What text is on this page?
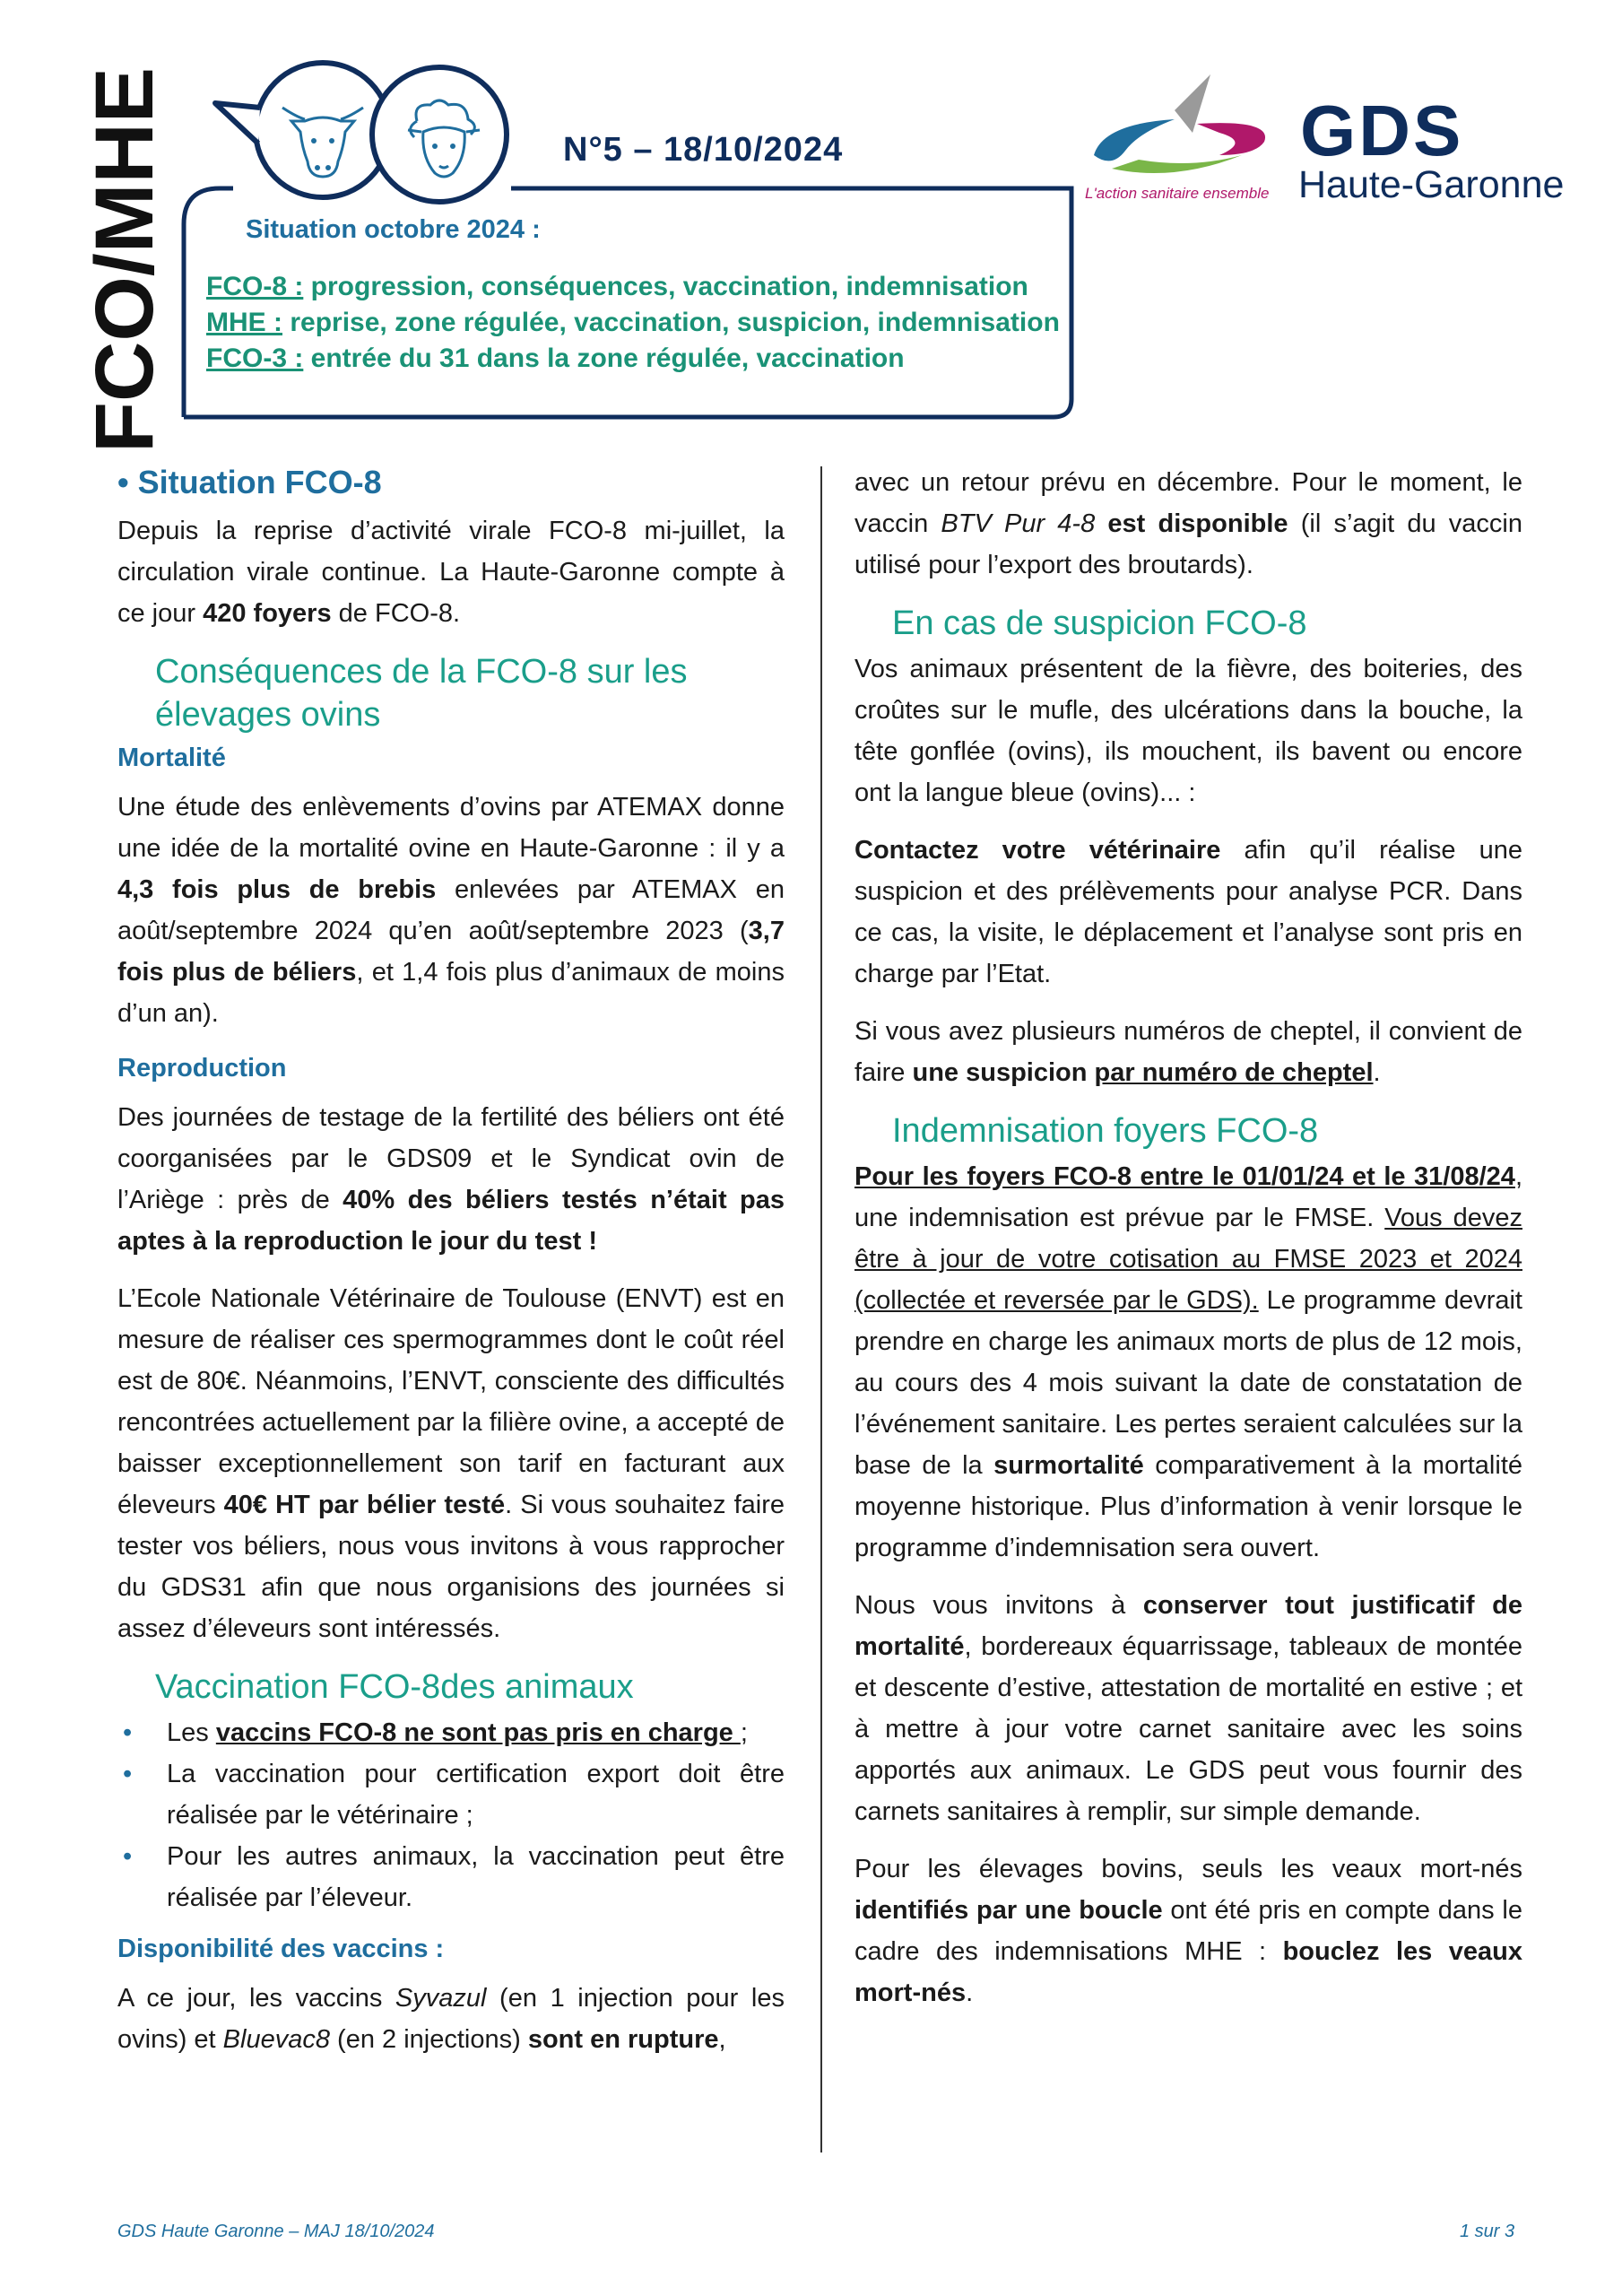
FCO/MHE	N°5 – 18/10/2024	GDS
Haute-Garonne
L'action sanitaire ensemble
Situation octobre 2024 :
FCO-8 : progression, conséquences, vaccination, indemnisation
MHE : reprise, zone régulée, vaccination, suspicion, indemnisation
FCO-3 : entrée du 31 dans la zone régulée, vaccination
• Situation FCO-8

Depuis la reprise d’activité virale FCO-8 mi-juillet, la circulation virale continue. La Haute-Garonne compte à ce jour 420 foyers de FCO-8.

Conséquences de la FCO-8 sur les élevages ovins
Mortalité

Une étude des enlèvements d’ovins par ATEMAX donne une idée de la mortalité ovine en Haute-Garonne : il y a 4,3 fois plus de brebis enlevées par ATEMAX en août/septembre 2024 qu’en août/septembre 2023 (3,7 fois plus de béliers, et 1,4 fois plus d’animaux de moins d’un an).

Reproduction

Des journées de testage de la fertilité des béliers ont été coorganisées par le GDS09 et le Syndicat ovin de l’Ariège : près de 40% des béliers testés n’était pas aptes à la reproduction le jour du test !

L’Ecole Nationale Vétérinaire de Toulouse (ENVT) est en mesure de réaliser ces spermogrammes dont le coût réel est de 80€. Néanmoins, l’ENVT, consciente des difficultés rencontrées actuellement par la filière ovine, a accepté de baisser exceptionnellement son tarif en facturant aux éleveurs 40€ HT par bélier testé. Si vous souhaitez faire tester vos béliers, nous vous invitons à vous rapprocher du GDS31 afin que nous organisions des journées si assez d’éleveurs sont intéressés.

Vaccination FCO-8des animaux
• Les vaccins FCO-8 ne sont pas pris en charge ;
• La vaccination pour certification export doit être réalisée par le vétérinaire ;
• Pour les autres animaux, la vaccination peut être réalisée par l’éleveur.
Disponibilité des vaccins :

A ce jour, les vaccins Syvazul (en 1 injection pour les ovins) et Bluevac8 (en 2 injections) sont en rupture,

avec un retour prévu en décembre. Pour le moment, le vaccin BTV Pur 4-8 est disponible (il s’agit du vaccin utilisé pour l’export des broutards).

En cas de suspicion FCO-8

Vos animaux présentent de la fièvre, des boiteries, des croûtes sur le mufle, des ulcérations dans la bouche, la tête gonflée (ovins), ils mouchent, ils bavent ou encore ont la langue bleue (ovins)... :

Contactez votre vétérinaire afin qu’il réalise une suspicion et des prélèvements pour analyse PCR. Dans ce cas, la visite, le déplacement et l’analyse sont pris en charge par l’Etat.

Si vous avez plusieurs numéros de cheptel, il convient de faire une suspicion par numéro de cheptel.

Indemnisation foyers FCO-8

Pour les foyers FCO-8 entre le 01/01/24 et le 31/08/24, une indemnisation est prévue par le FMSE. Vous devez être à jour de votre cotisation au FMSE 2023 et 2024 (collectée et reversée par le GDS). Le programme devrait prendre en charge les animaux morts de plus de 12 mois, au cours des 4 mois suivant la date de constatation de l’événement sanitaire. Les pertes seraient calculées sur la base de la surmortalité comparativement à la mortalité moyenne historique. Plus d’information à venir lorsque le programme d’indemnisation sera ouvert.

Nous vous invitons à conserver tout justificatif de mortalité, bordereaux équarrissage, tableaux de montée et descente d’estive, attestation de mortalité en estive ; et à mettre à jour votre carnet sanitaire avec les soins apportés aux animaux. Le GDS peut vous fournir des carnets sanitaires à remplir, sur simple demande.

Pour les élevages bovins, seuls les veaux mort-nés identifiés par une boucle ont été pris en compte dans le cadre des indemnisations MHE : bouclez les veaux mort-nés.

GDS Haute Garonne – MAJ 18/10/2024	1 sur 3
